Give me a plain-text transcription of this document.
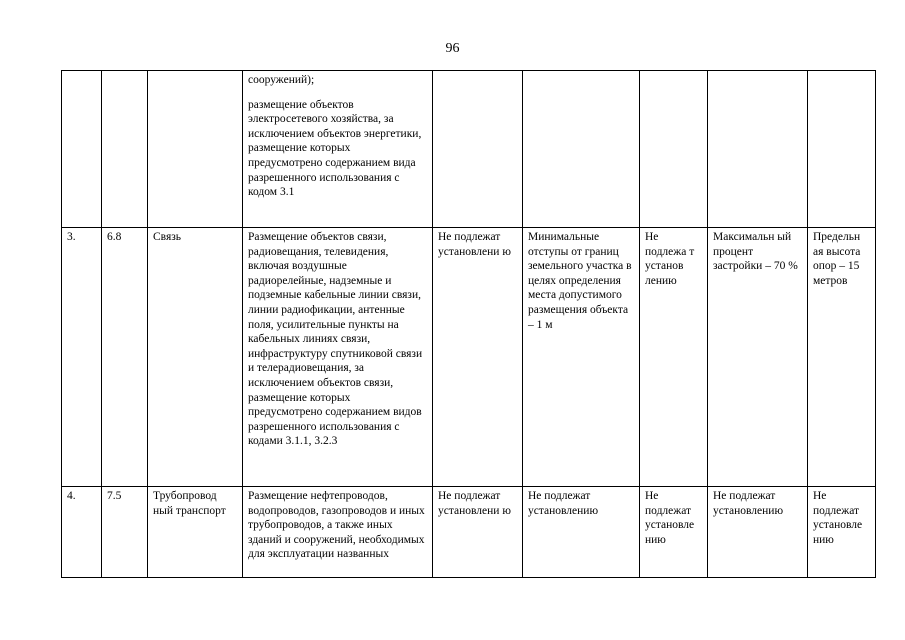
96

			сооружений);

размещение объектов электросетевого хозяйства, за исключением объектов энергетики, размещение которых предусмотрено содержанием вида разрешенного использования с кодом 3.1					

3.	6.8	Связь	Размещение объектов связи, радиовещания, телевидения, включая воздушные радиорелейные, надземные и подземные кабельные линии связи, линии радиофикации, антенные поля, усилительные пункты на кабельных линиях связи, инфраструктуру спутниковой связи и телерадиовещания, за исключением объектов связи, размещение которых предусмотрено содержанием видов разрешенного использования с кодами 3.1.1, 3.2.3	Не подлежат установлени ю	Минимальные отступы от границ земельного участка в целях определения места допустимого размещения объекта – 1 м	Не подлежа т установ лению	Максимальн ый процент застройки – 70 %	Предельн ая высота опор – 15 метров
4.	7.5	Трубопровод ный транспорт	Размещение нефтепроводов, водопроводов, газопроводов и иных трубопроводов, а также иных зданий и сооружений, необходимых для эксплуатации названных	Не подлежат установлени ю	Не подлежат установлению	Не подлежат установле нию	Не подлежат установлению	Не подлежат установле нию
